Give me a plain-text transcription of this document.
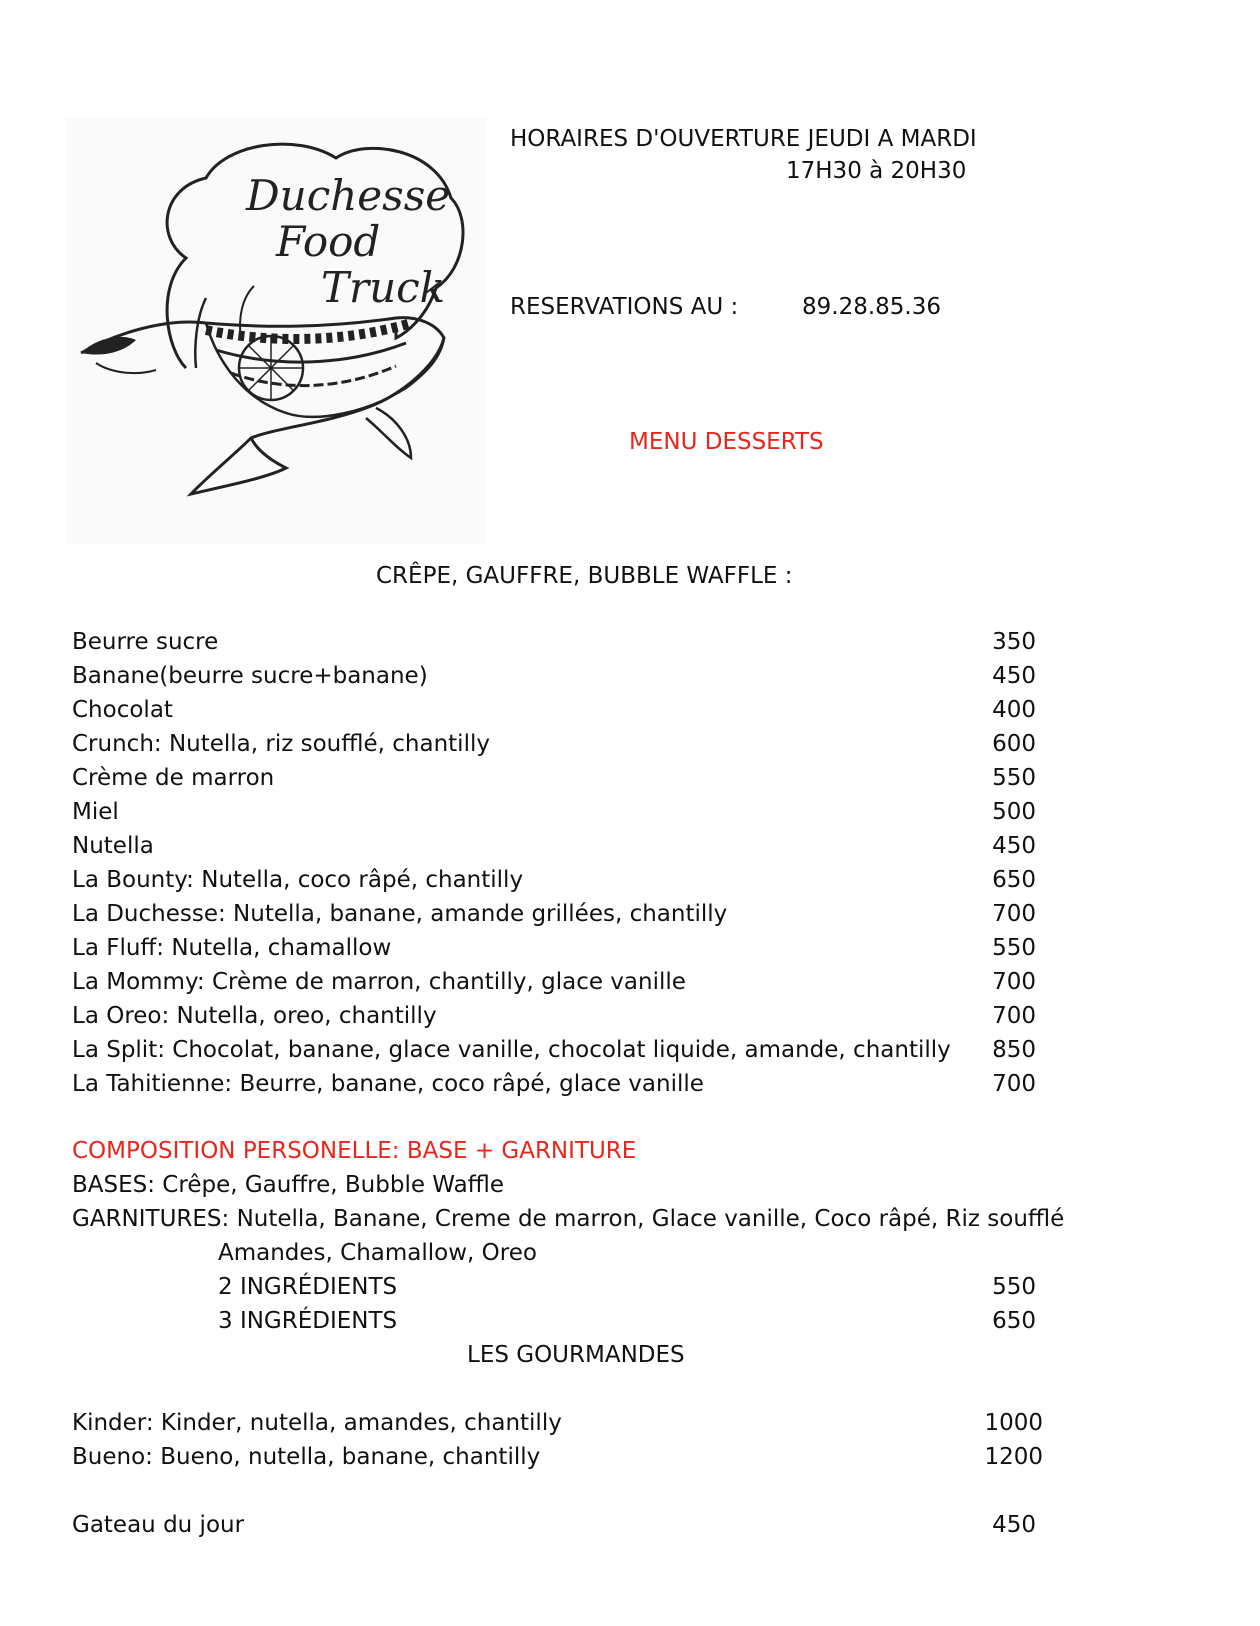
Duchesse
Food
Truck
HORAIRES D'OUVERTURE JEUDI A MARDI
17H30 à 20H30
RESERVATIONS AU :	89.28.85.36
MENU DESSERTS
CRÊPE, GAUFFRE, BUBBLE WAFFLE :
Beurre sucre	350
Banane(beurre sucre+banane)	450
Chocolat	400
Crunch: Nutella, riz soufflé, chantilly	600
Crème de marron	550
Miel	500
Nutella	450
La Bounty: Nutella, coco râpé, chantilly	650
La Duchesse: Nutella, banane, amande grillées, chantilly	700
La Fluff: Nutella, chamallow	550
La Mommy: Crème de marron, chantilly, glace vanille	700
La Oreo: Nutella, oreo, chantilly	700
La Split: Chocolat, banane, glace vanille, chocolat liquide, amande, chantilly	850
La Tahitienne: Beurre, banane, coco râpé, glace vanille	700
COMPOSITION PERSONELLE: BASE + GARNITURE
BASES: Crêpe, Gauffre, Bubble Waffle
GARNITURES: Nutella, Banane, Creme de marron, Glace vanille, Coco râpé, Riz soufflé
Amandes, Chamallow, Oreo
2 INGRÉDIENTS	550
3 INGRÉDIENTS	650
LES GOURMANDES
Kinder: Kinder, nutella, amandes, chantilly	1000
Bueno: Bueno, nutella, banane, chantilly	1200
Gateau du jour	450
